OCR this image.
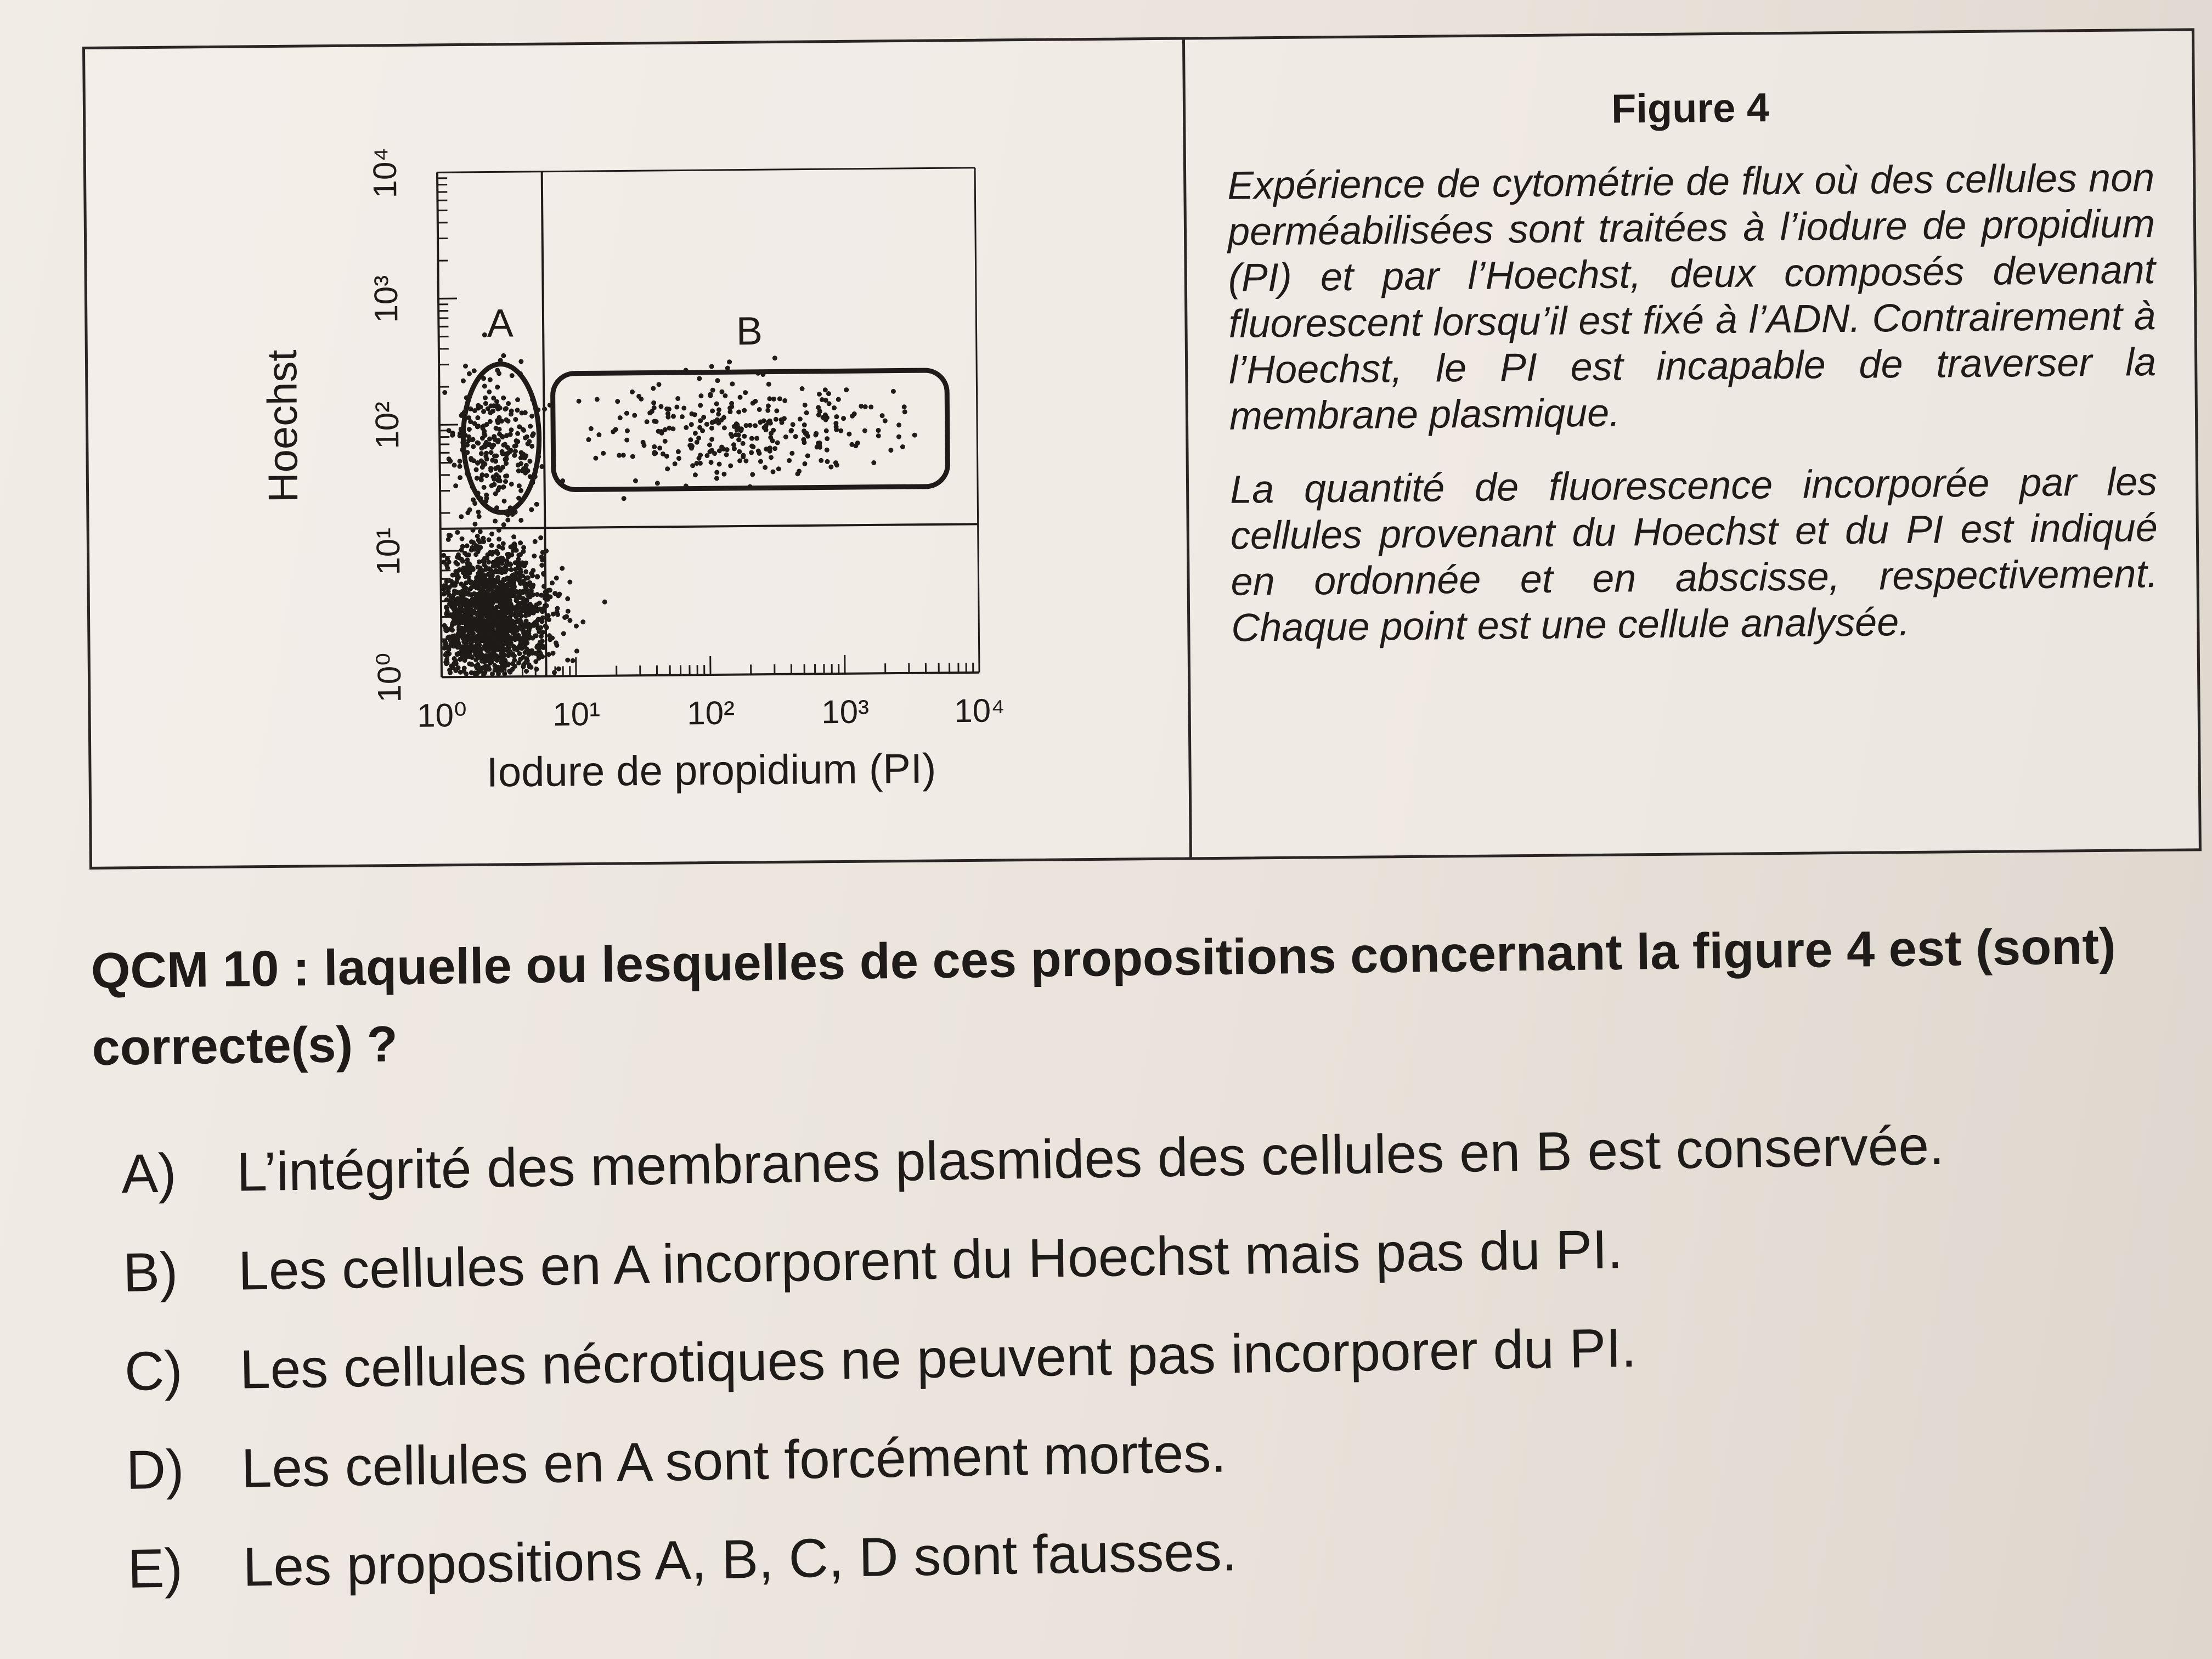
10⁰	10¹	10²	10³	10⁴
10⁰
10¹
10²
10³
10⁴
Iodure de propidium (PI)
Hoechst
A	B

Figure 4

Expérience de cytométrie de flux où des cellules non perméabilisées sont traitées à l’iodure de propidium (PI) et par l’Hoechst, deux composés devenant fluorescent lorsqu’il est fixé à l’ADN. Contrairement à l’Hoechst, le PI est incapable de traverser la membrane plasmique.

La quantité de fluorescence incorporée par les cellules provenant du Hoechst et du PI est indiqué en ordonnée et en abscisse, respectivement. Chaque point est une cellule analysée.

QCM 10 : laquelle ou lesquelles de ces propositions concernant la figure 4 est (sont) correcte(s) ?
A) L’intégrité des membranes plasmides des cellules en B est conservée.
B) Les cellules en A incorporent du Hoechst mais pas du PI.
C) Les cellules nécrotiques ne peuvent pas incorporer du PI.
D) Les cellules en A sont forcément mortes.
E) Les propositions A, B, C, D sont fausses.
